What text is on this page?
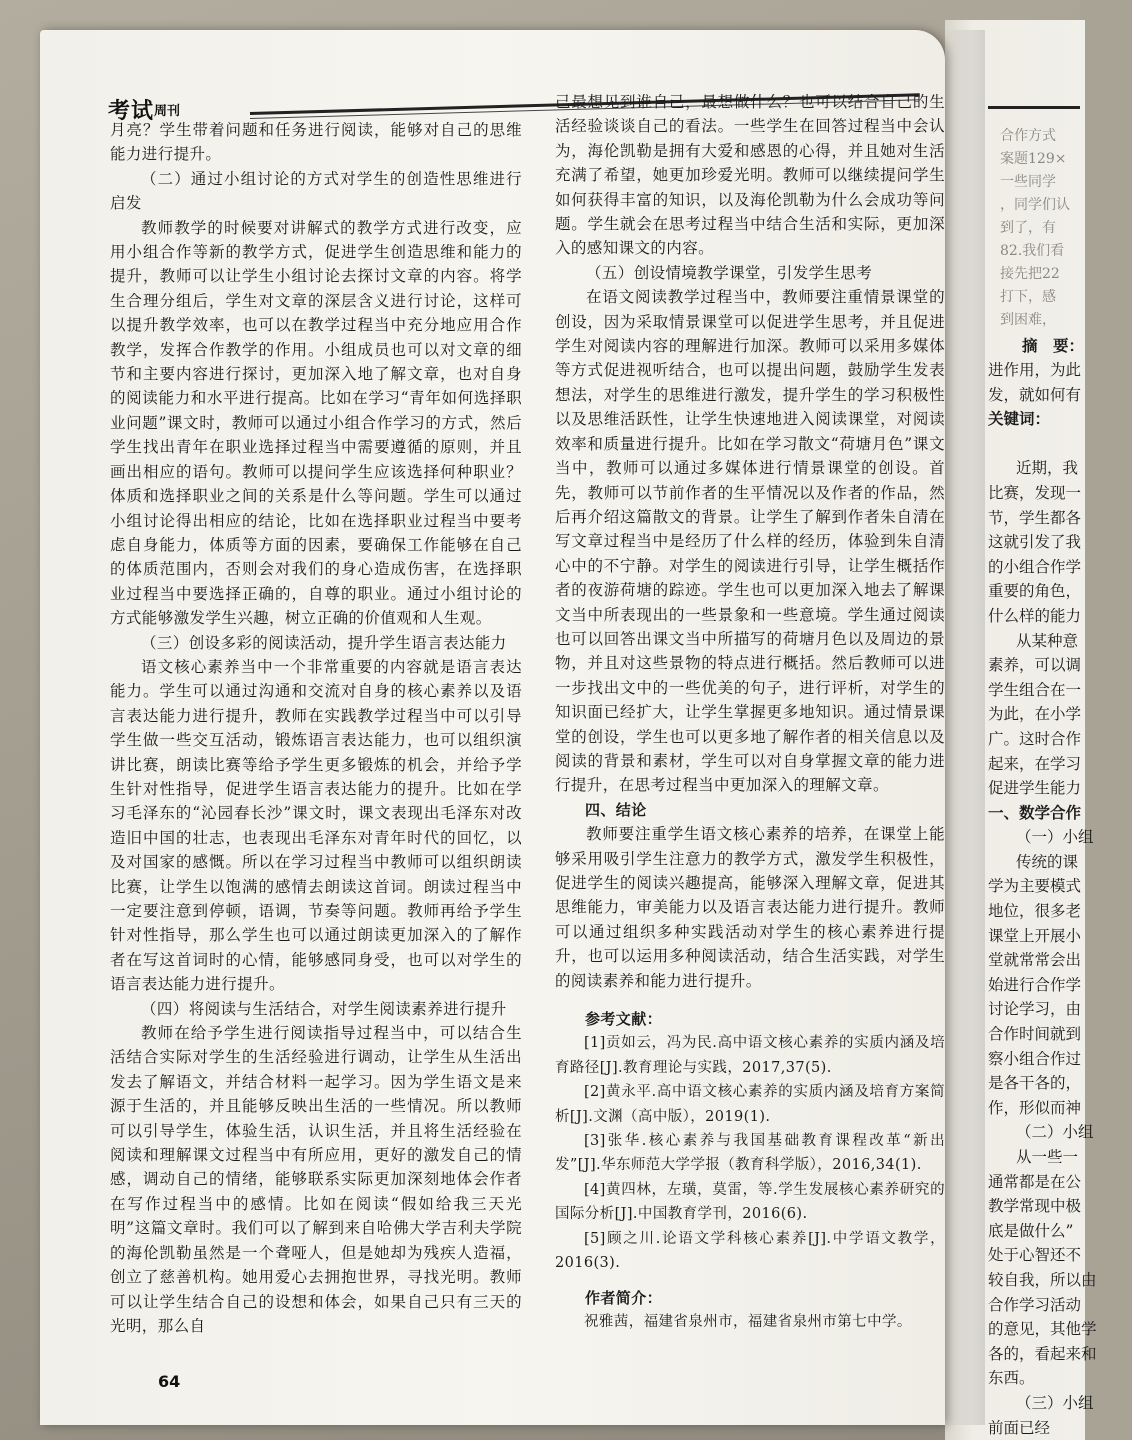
考试 周刊

月亮？学生带着问题和任务进行阅读，能够对自己的思维能力进行提升。

（二）通过小组讨论的方式对学生的创造性思维进行启发

教师教学的时候要对讲解式的教学方式进行改变，应用小组合作等新的教学方式，促进学生创造思维和能力的提升，教师可以让学生小组讨论去探讨文章的内容。将学生合理分组后，学生对文章的深层含义进行讨论，这样可以提升教学效率，也可以在教学过程当中充分地应用合作教学，发挥合作教学的作用。小组成员也可以对文章的细节和主要内容进行探讨，更加深入地了解文章，也对自身的阅读能力和水平进行提高。比如在学习“青年如何选择职业问题”课文时，教师可以通过小组合作学习的方式，然后学生找出青年在职业选择过程当中需要遵循的原则，并且画出相应的语句。教师可以提问学生应该选择何种职业？体质和选择职业之间的关系是什么等问题。学生可以通过小组讨论得出相应的结论，比如在选择职业过程当中要考虑自身能力，体质等方面的因素，要确保工作能够在自己的体质范围内，否则会对我们的身心造成伤害，在选择职业过程当中要选择正确的，自尊的职业。通过小组讨论的方式能够激发学生兴趣，树立正确的价值观和人生观。

（三）创设多彩的阅读活动，提升学生语言表达能力

语文核心素养当中一个非常重要的内容就是语言表达能力。学生可以通过沟通和交流对自身的核心素养以及语言表达能力进行提升，教师在实践教学过程当中可以引导学生做一些交互活动，锻炼语言表达能力，也可以组织演讲比赛，朗读比赛等给予学生更多锻炼的机会，并给予学生针对性指导，促进学生语言表达能力的提升。比如在学习毛泽东的“沁园春长沙”课文时，课文表现出毛泽东对改造旧中国的壮志，也表现出毛泽东对青年时代的回忆，以及对国家的感慨。所以在学习过程当中教师可以组织朗读比赛，让学生以饱满的感情去朗读这首词。朗读过程当中一定要注意到停顿，语调，节奏等问题。教师再给予学生针对性指导，那么学生也可以通过朗读更加深入的了解作者在写这首词时的心情，能够感同身受，也可以对学生的语言表达能力进行提升。

（四）将阅读与生活结合，对学生阅读素养进行提升

教师在给予学生进行阅读指导过程当中，可以结合生活结合实际对学生的生活经验进行调动，让学生从生活出发去了解语文，并结合材料一起学习。因为学生语文是来源于生活的，并且能够反映出生活的一些情况。所以教师可以引导学生，体验生活，认识生活，并且将生活经验在阅读和理解课文过程当中有所应用，更好的激发自己的情感，调动自己的情绪，能够联系实际更加深刻地体会作者在写作过程当中的感情。比如在阅读“假如给我三天光明”这篇文章时。我们可以了解到来自哈佛大学吉利夫学院的海伦凯勒虽然是一个聋哑人，但是她却为残疾人造福，创立了慈善机构。她用爱心去拥抱世界，寻找光明。教师可以让学生结合自己的设想和体会，如果自己只有三天的光明，那么自

己最想见到谁自己，最想做什么？也可以结合自己的生活经验谈谈自己的看法。一些学生在回答过程当中会认为，海伦凯勒是拥有大爱和感恩的心得，并且她对生活充满了希望，她更加珍爱光明。教师可以继续提问学生如何获得丰富的知识，以及海伦凯勒为什么会成功等问题。学生就会在思考过程当中结合生活和实际，更加深入的感知课文的内容。

（五）创设情境教学课堂，引发学生思考

在语文阅读教学过程当中，教师要注重情景课堂的创设，因为采取情景课堂可以促进学生思考，并且促进学生对阅读内容的理解进行加深。教师可以采用多媒体等方式促进视听结合，也可以提出问题，鼓励学生发表想法，对学生的思维进行激发，提升学生的学习积极性以及思维活跃性，让学生快速地进入阅读课堂，对阅读效率和质量进行提升。比如在学习散文“荷塘月色”课文当中，教师可以通过多媒体进行情景课堂的创设。首先，教师可以节前作者的生平情况以及作者的作品，然后再介绍这篇散文的背景。让学生了解到作者朱自清在写文章过程当中是经历了什么样的经历，体验到朱自清心中的不宁静。对学生的阅读进行引导，让学生概括作者的夜游荷塘的踪迹。学生也可以更加深入地去了解课文当中所表现出的一些景象和一些意境。学生通过阅读也可以回答出课文当中所描写的荷塘月色以及周边的景物，并且对这些景物的特点进行概括。然后教师可以进一步找出文中的一些优美的句子，进行评析，对学生的知识面已经扩大，让学生掌握更多地知识。通过情景课堂的创设，学生也可以更多地了解作者的相关信息以及阅读的背景和素材，学生可以对自身掌握文章的能力进行提升，在思考过程当中更加深入的理解文章。

四、结论

教师要注重学生语文核心素养的培养，在课堂上能够采用吸引学生注意力的教学方式，激发学生积极性，促进学生的阅读兴趣提高，能够深入理解文章，促进其思维能力，审美能力以及语言表达能力进行提升。教师可以通过组织多种实践活动对学生的核心素养进行提升，也可以运用多种阅读活动，结合生活实践，对学生的阅读素养和能力进行提升。

参考文献：

[1]贡如云，冯为民.高中语文核心素养的实质内涵及培育路径[J].教育理论与实践，2017,37(5).

[2]黄永平.高中语文核心素养的实质内涵及培育方案简析[J].文渊（高中版），2019(1).

[3]张华.核心素养与我国基础教育课程改革“新出发”[J].华东师范大学学报（教育科学版），2016,34(1).

[4]黄四林，左璜，莫雷，等.学生发展核心素养研究的国际分析[J].中国教育学刊，2016(6).

[5]顾之川.论语文学科核心素养[J].中学语文教学，2016(3).

作者简介：

祝雅茜，福建省泉州市，福建省泉州市第七中学。

64
合作方式
案题129×
一些同学
，同学们认
到了，有
82.我们看
接先把22
打下，感
到困难，
摘　要：
进作用，为此
发，就如何有
关键词：
近期，我
比赛，发现一
节，学生都各
这就引发了我
的小组合作学
重要的角色，
什么样的能力
从某种意
素养，可以调
学生组合在一
为此，在小学
广。这时合作
起来，在学习
促进学生能力
一、数学合作
（一）小组
传统的课
学为主要模式
地位，很多老
课堂上开展小
堂就常常会出
始进行合作学
讨论学习，由
合作时间就到
察小组合作过
是各干各的，
作，形似而神
（二）小组
从一些一
通常都是在公
教学常现中极
底是做什么”
处于心智还不
较自我，所以由
合作学习活动
的意见，其他学
各的，看起来和
东西。
（三）小组
前面已经
